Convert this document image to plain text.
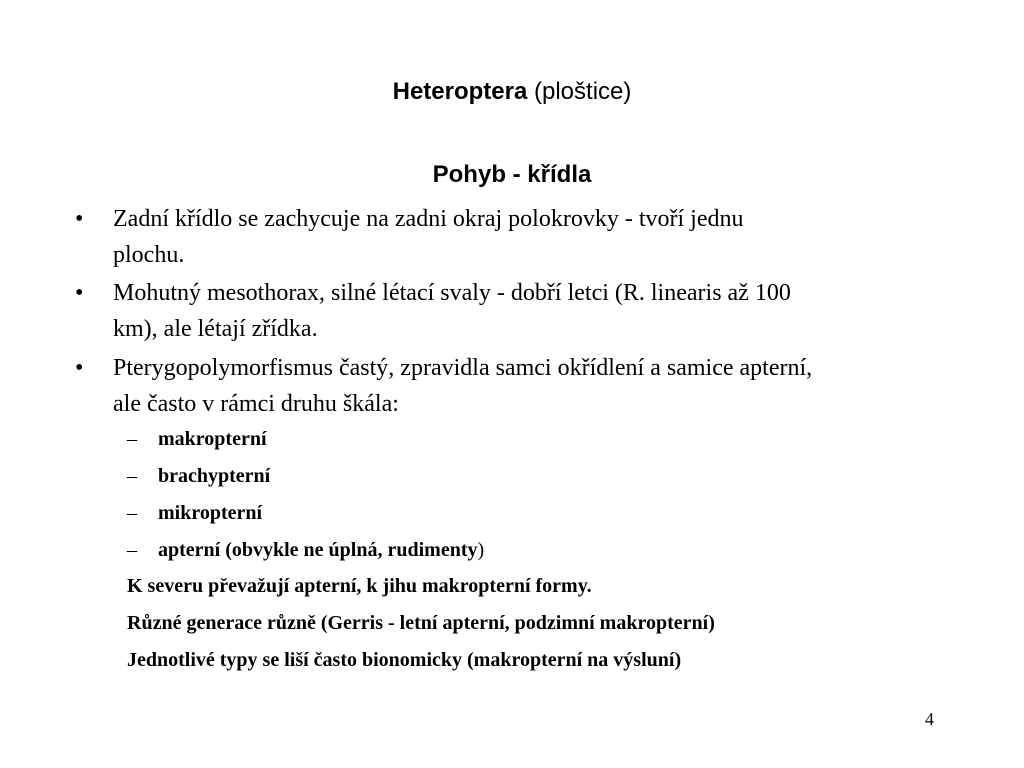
Heteroptera (ploštice)
Pohyb - křídla
• Zadní křídlo se zachycuje na zadni okraj polokrovky - tvoří jednu
plochu.
• Mohutný mesothorax, silné létací svaly - dobří letci (R. linearis až 100
km), ale létají zřídka.
• Pterygopolymorfismus častý, zpravidla samci okřídlení a samice apterní,
ale často v rámci druhu škála:
– makropterní
– brachypterní
– mikropterní
– apterní (obvykle ne úplná, rudimenty)
K severu převažují apterní, k jihu makropterní formy.
Různé generace různě (Gerris - letní apterní, podzimní makropterní)
Jednotlivé typy se liší často bionomicky (makropterní na výsluní)
4
